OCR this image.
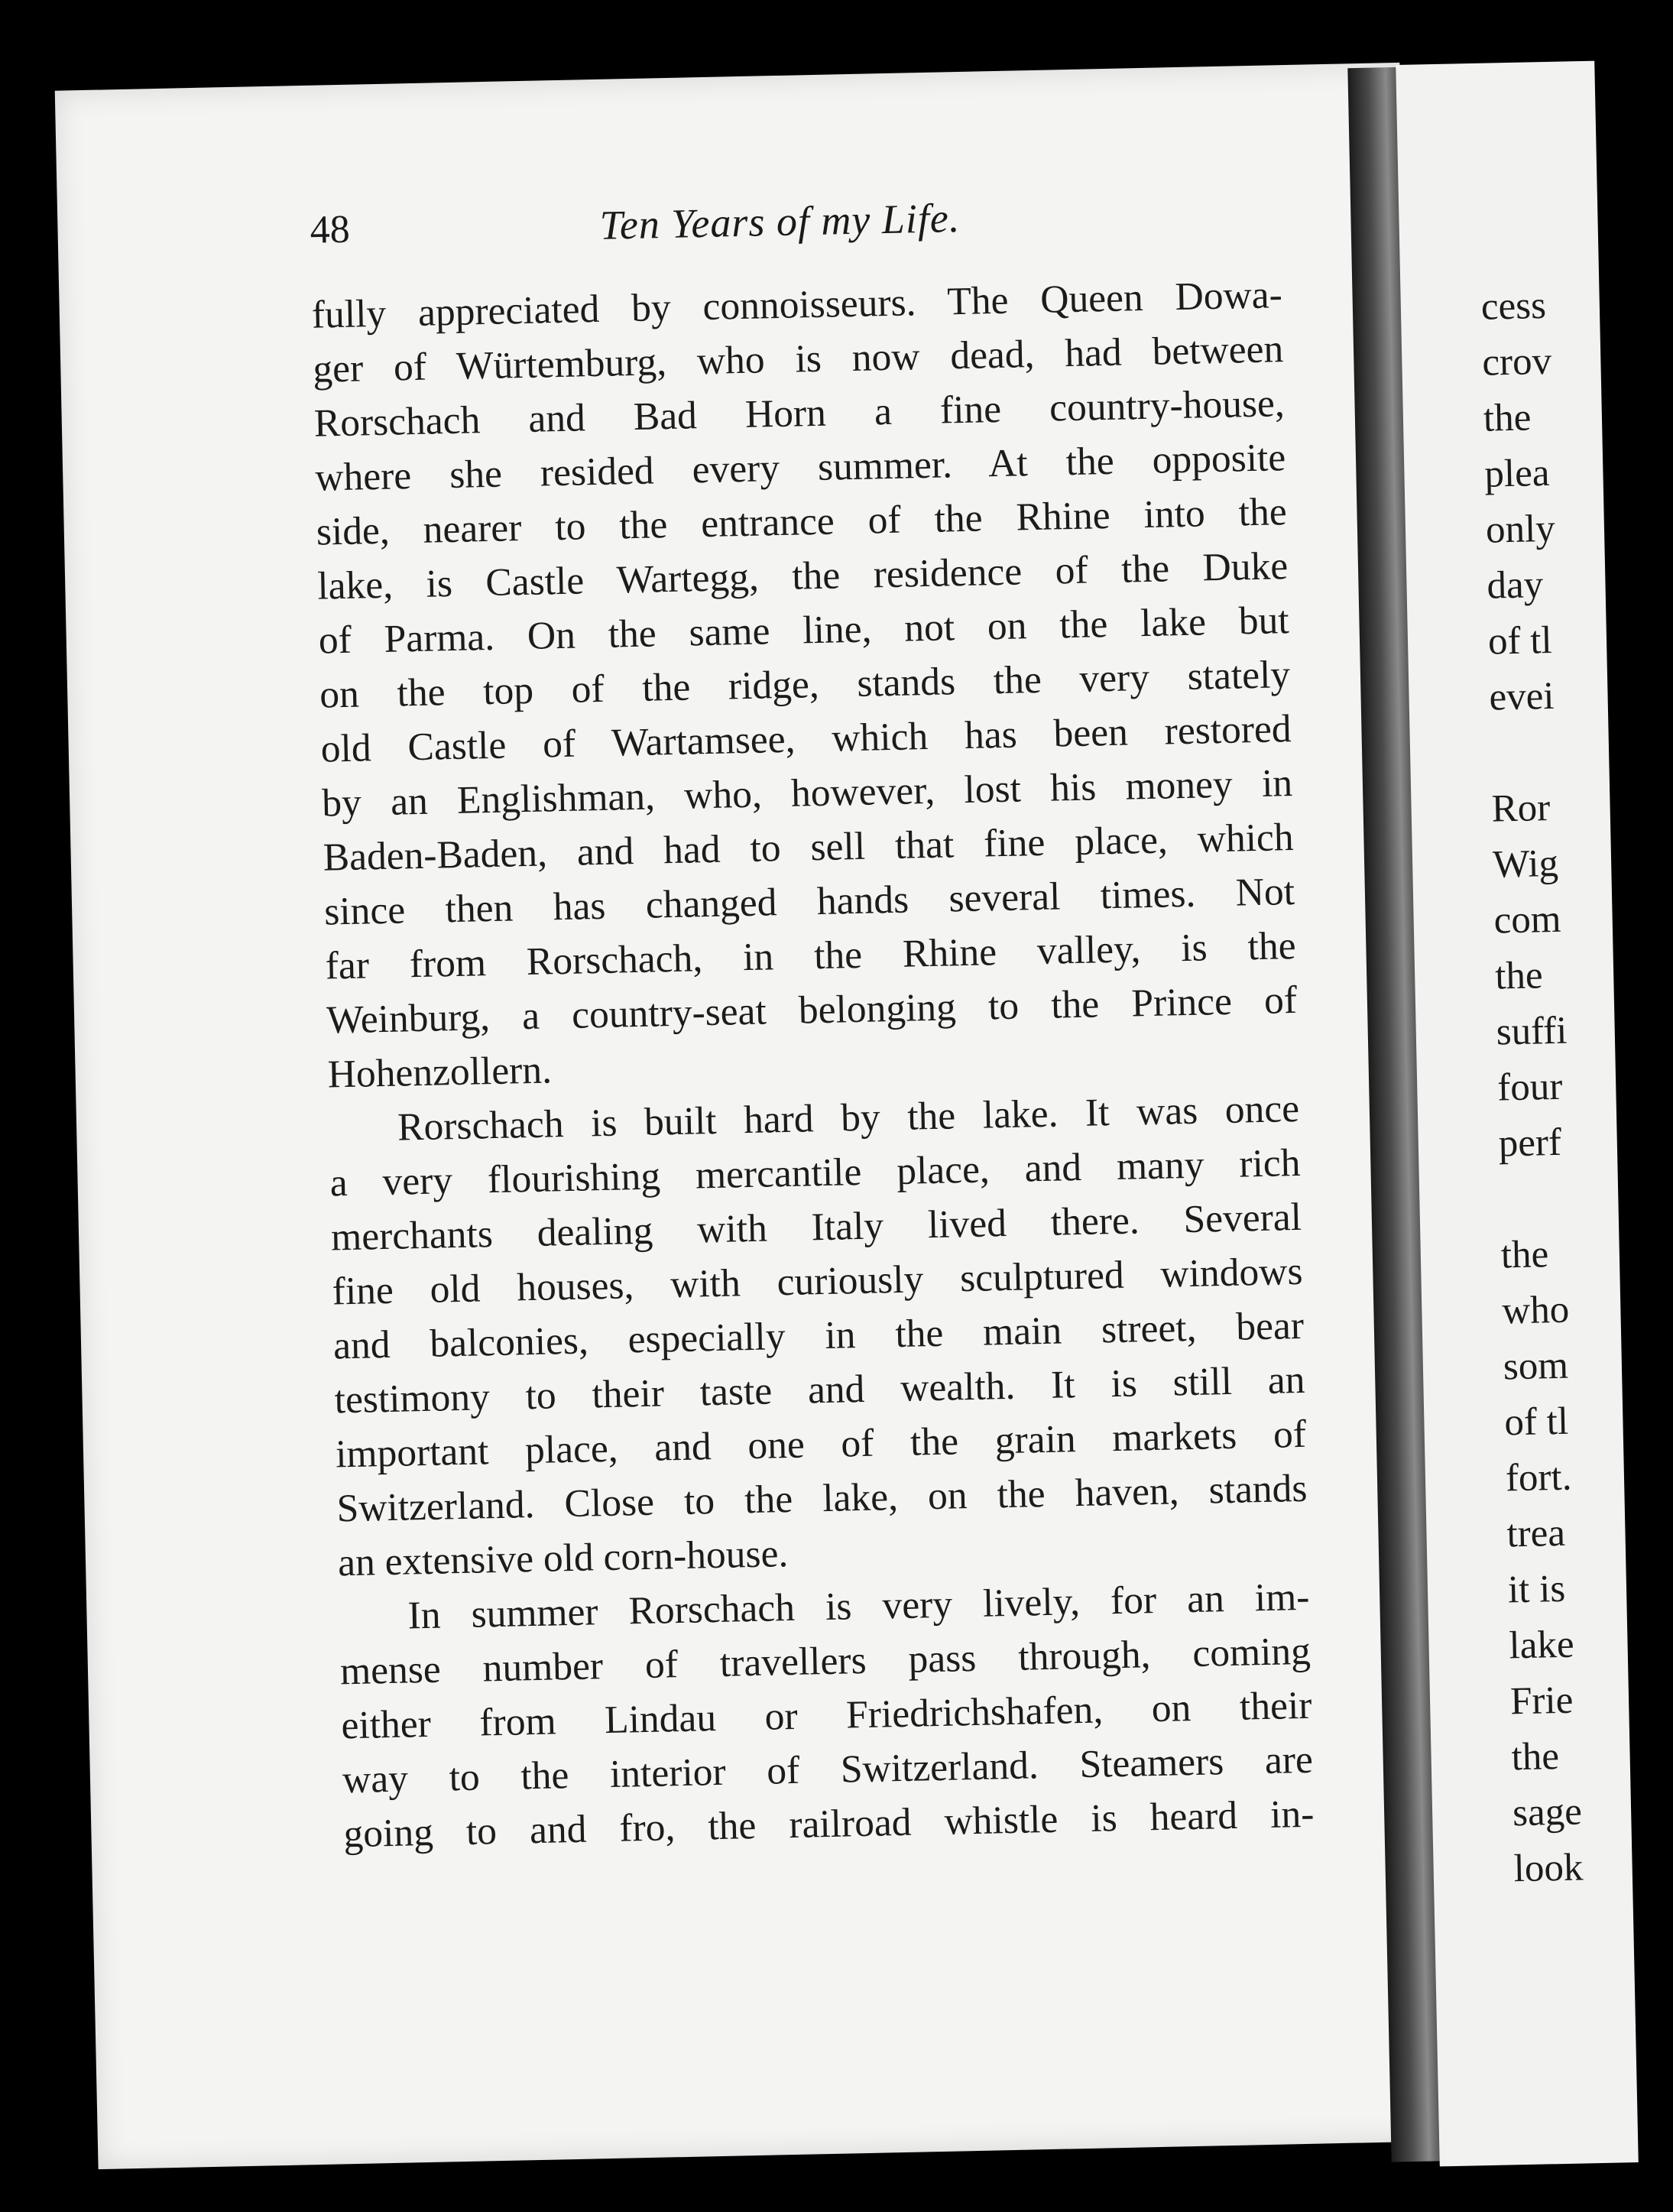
48	Ten Years of my Life.
fully appreciated by connoisseurs. The Queen Dowa-
ger of Würtemburg, who is now dead, had between
Rorschach and Bad Horn a fine country-house,
where she resided every summer. At the opposite
side, nearer to the entrance of the Rhine into the
lake, is Castle Wartegg, the residence of the Duke
of Parma. On the same line, not on the lake but
on the top of the ridge, stands the very stately
old Castle of Wartamsee, which has been restored
by an Englishman, who, however, lost his money in
Baden-Baden, and had to sell that fine place, which
since then has changed hands several times. Not
far from Rorschach, in the Rhine valley, is the
Weinburg, a country-seat belonging to the Prince of
Hohenzollern.
Rorschach is built hard by the lake. It was once
a very flourishing mercantile place, and many rich
merchants dealing with Italy lived there. Several
fine old houses, with curiously sculptured windows
and balconies, especially in the main street, bear
testimony to their taste and wealth. It is still an
important place, and one of the grain markets of
Switzerland. Close to the lake, on the haven, stands
an extensive old corn-house.
In summer Rorschach is very lively, for an im-
mense number of travellers pass through, coming
either from Lindau or Friedrichshafen, on their
way to the interior of Switzerland. Steamers are
going to and fro, the railroad whistle is heard in-
cess
crov
the
plea
only
day
of tl
evei
Ror
Wig
com
the
suffi
four
perf
the
who
som
of tl
fort.
trea
it is
lake
Frie
the
sage
look
